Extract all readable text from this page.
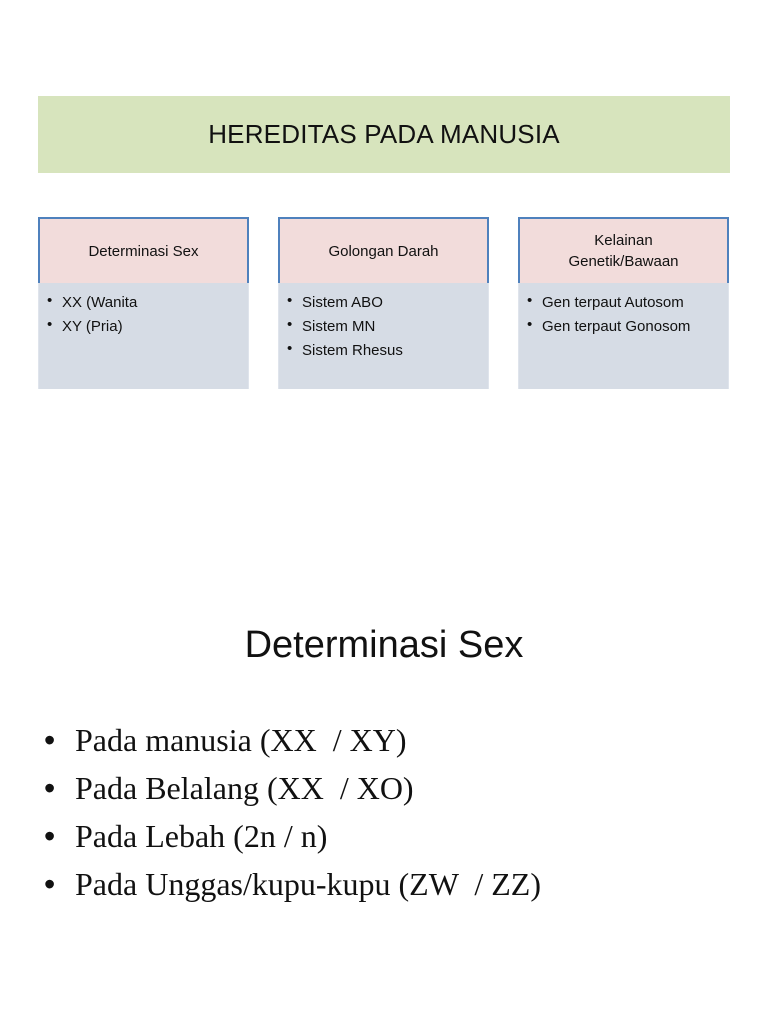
HEREDITAS PADA MANUSIA
Determinasi Sex
• XX (Wanita
• XY (Pria)
Golongan Darah
• Sistem ABO
• Sistem MN
• Sistem Rhesus
Kelainan
Genetik/Bawaan
• Gen terpaut Autosom
• Gen terpaut Gonosom
Determinasi Sex
• Pada manusia (XX  / XY)
• Pada Belalang (XX  / XO)
• Pada Lebah (2n / n)
• Pada Unggas/kupu-kupu (ZW  / ZZ)
